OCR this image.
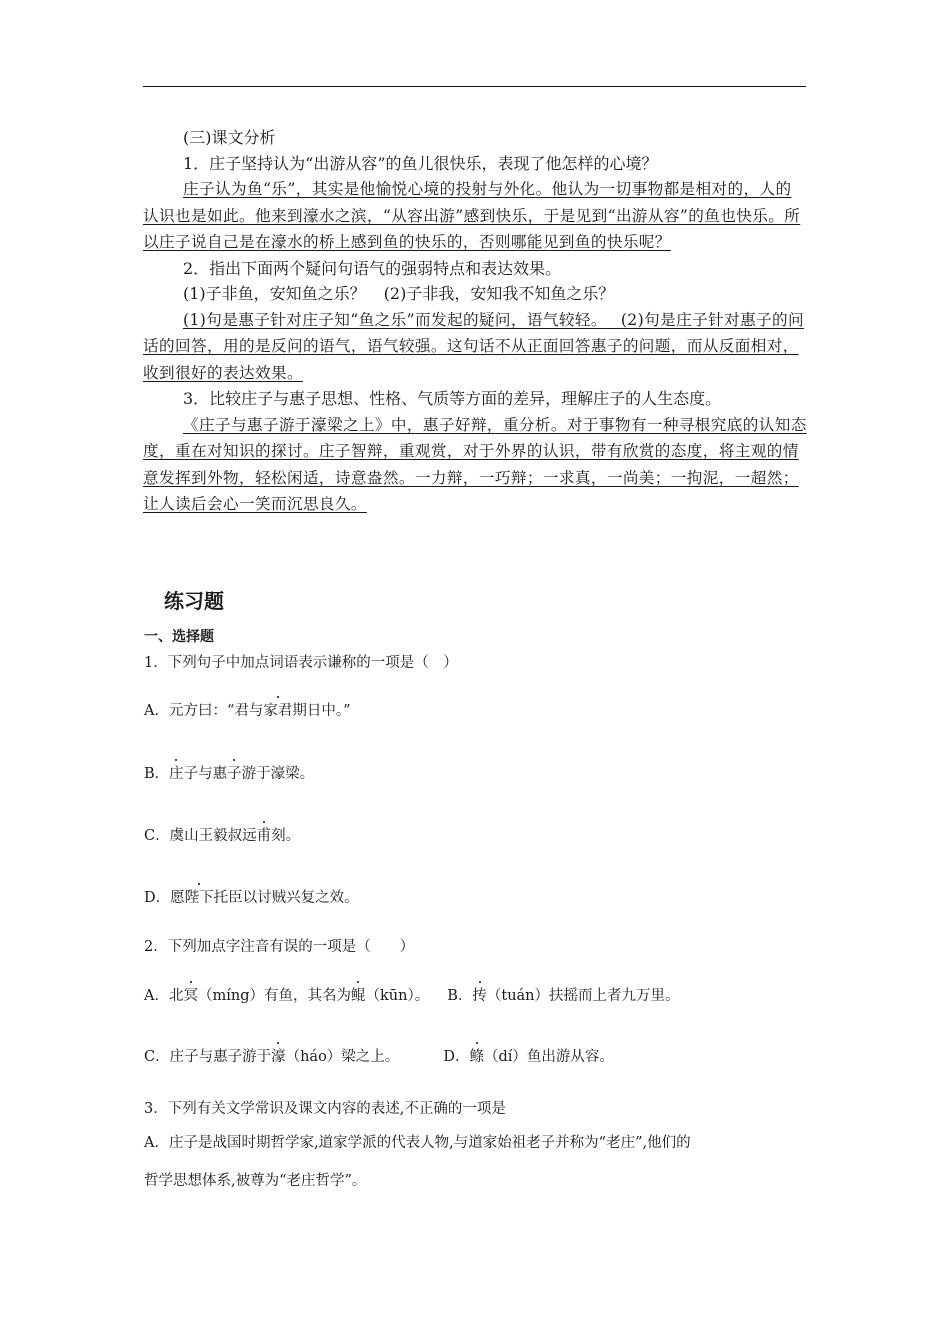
(三)课文分析

1．庄子坚持认为“出游从容”的鱼儿很快乐，表现了他怎样的心境？

庄子认为鱼“乐”，其实是他愉悦心境的投射与外化。他认为一切事物都是相对的，人的认识也是如此。他来到濠水之滨，“从容出游”感到快乐，于是见到“出游从容”的鱼也快乐。所以庄子说自己是在濠水的桥上感到鱼的快乐的，否则哪能见到鱼的快乐呢？

2．指出下面两个疑问句语气的强弱特点和表达效果。

(1)子非鱼，安知鱼之乐？ (2)子非我，安知我不知鱼之乐？

(1)句是惠子针对庄子知“鱼之乐”而发起的疑问，语气较轻。 (2)句是庄子针对惠子的问话的回答，用的是反问的语气，语气较强。这句话不从正面回答惠子的问题，而从反面相对，收到很好的表达效果。

3．比较庄子与惠子思想、性格、气质等方面的差异，理解庄子的人生态度。

《庄子与惠子游于濠梁之上》中，惠子好辩，重分析。对于事物有一种寻根究底的认知态度，重在对知识的探讨。庄子智辩，重观赏，对于外界的认识，带有欣赏的态度，将主观的情意发挥到外物，轻松闲适，诗意盎然。一力辩，一巧辩；一求真，一尚美；一拘泥，一超然；让人读后会心一笑而沉思良久。

练习题
一、选择题
1．下列句子中加点词语表示谦称的一项是（　）
A．元方曰：“君与家君期日中。”
B．庄子与惠子游于濠梁。
C．虞山王毅叔远甫刻。
D．愿陛下托臣以讨贼兴复之效。
2．下列加点字注音有误的一项是（　　）
A．北冥（míng）有鱼，其名为鲲（kūn）。 B．抟（tuán）扶摇而上者九万里。
C．庄子与惠子游于濠（háo）梁之上。	D．鲦（dí）鱼出游从容。
3．下列有关文学常识及课文内容的表述,不正确的一项是
A．庄子是战国时期哲学家,道家学派的代表人物,与道家始祖老子并称为“老庄”,他们的
哲学思想体系,被尊为“老庄哲学”。
